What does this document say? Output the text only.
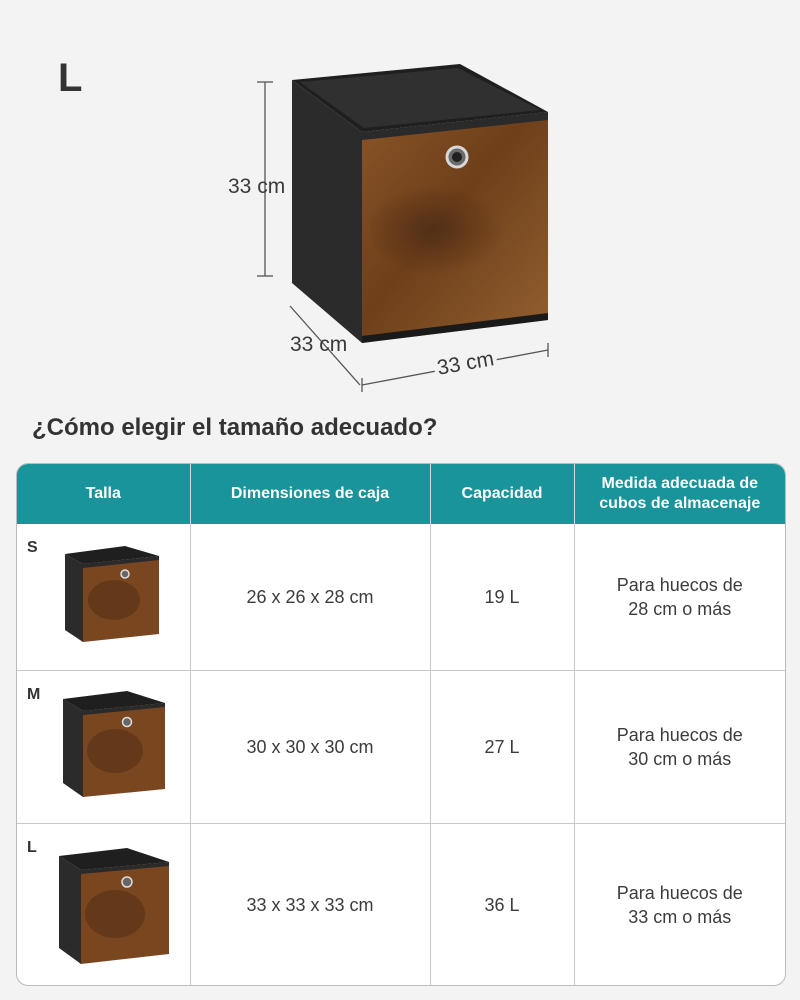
L
33 cm
33 cm
33 cm
¿Cómo elegir el tamaño adecuado?
Talla	Dimensiones de caja	Capacidad	Medida adecuada de cubos de almacenaje

S	26 x 26 x 28 cm	19 L	Para huecos de 28 cm o más

M	30 x 30 x 30 cm	27 L	Para huecos de 30 cm o más

L	33 x 33 x 33 cm	36 L	Para huecos de 33 cm o más
